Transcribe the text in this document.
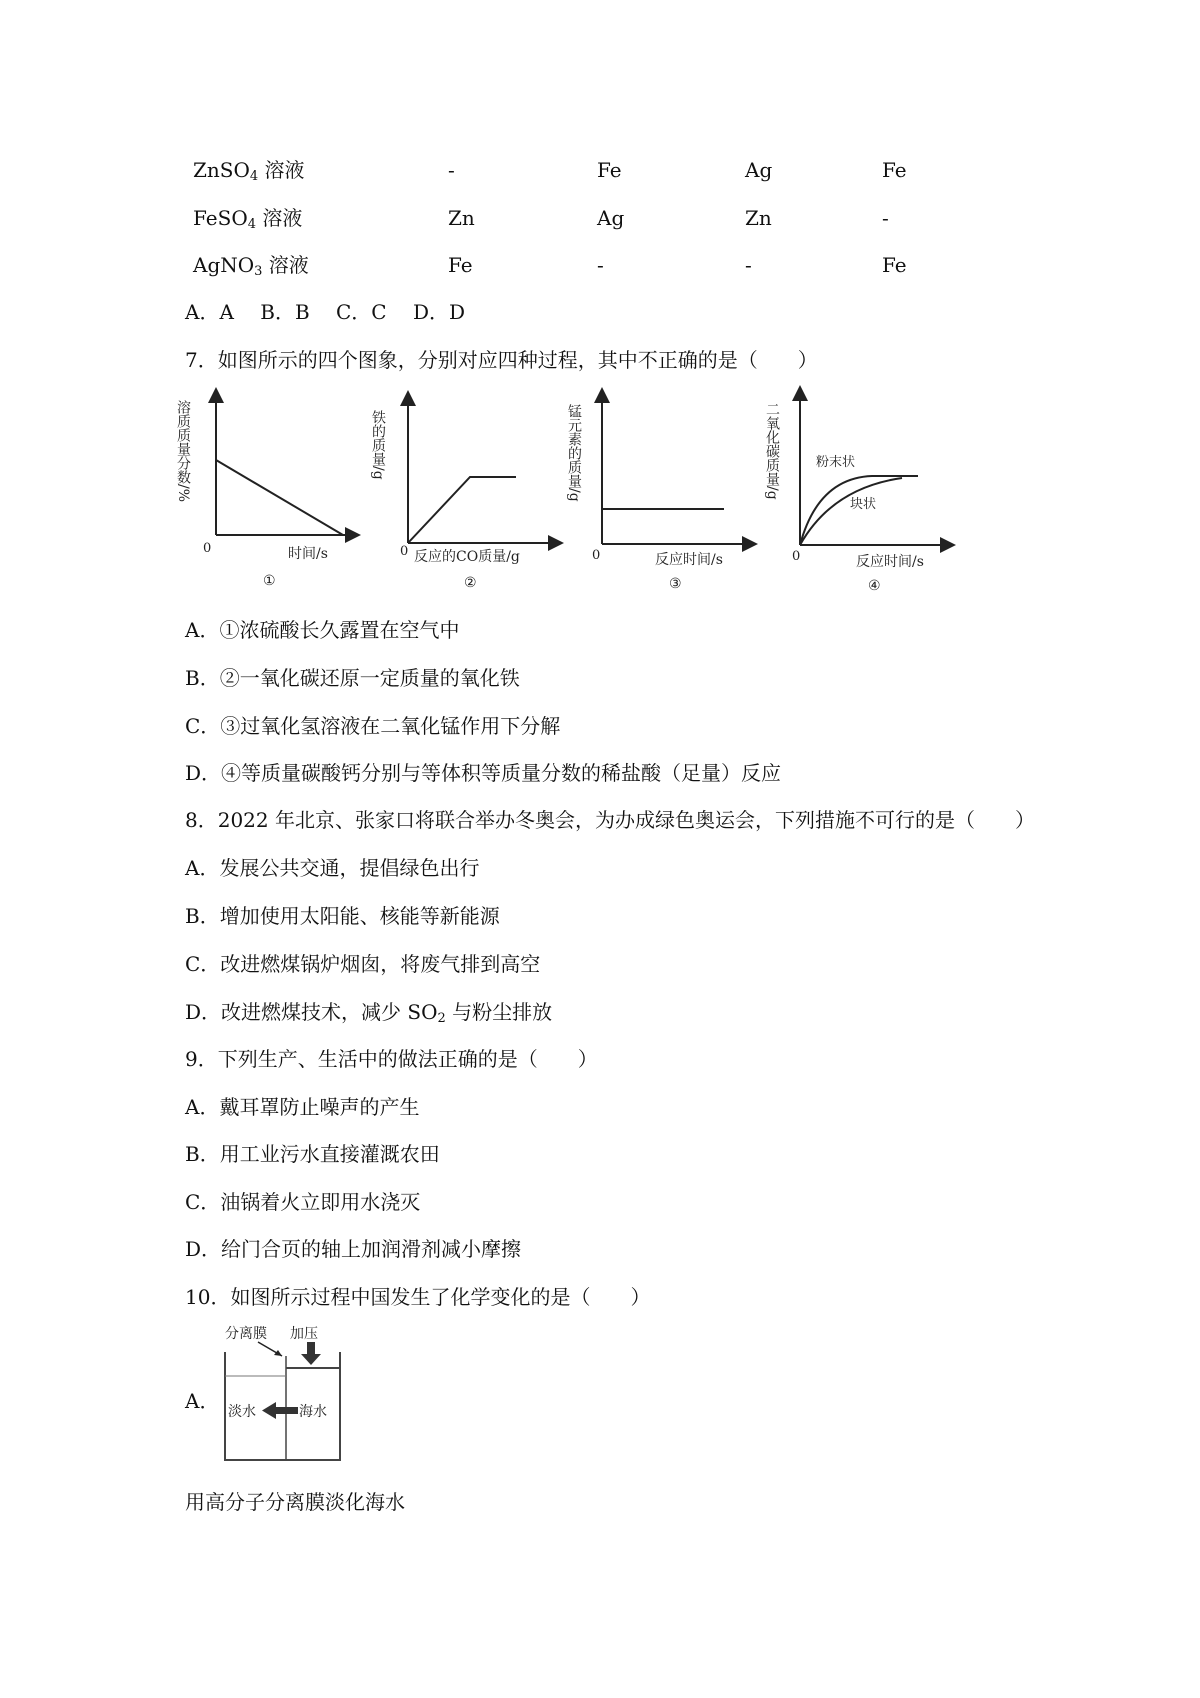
ZnSO$_4$ 溶液	-	Fe	Ag	Fe
FeSO$_4$ 溶液	Zn	Ag	Zn	-
AgNO$_3$ 溶液	Fe	-	-	Fe
A．A　 B．B　 C．C　 D．D
7．如图所示的四个图象，分别对应四种过程，其中不正确的是（　　）
溶质质量分数/%
0	时间/s
①
铁的质量/g
0 反应的CO质量/g
②
锰元素的质量/g
0	反应时间/s
③
二氧化碳质量/g	粉末状
块状
0	反应时间/s
④
A．①浓硫酸长久露置在空气中
B．②一氧化碳还原一定质量的氧化铁
C．③过氧化氢溶液在二氧化锰作用下分解
D．④等质量碳酸钙分别与等体积等质量分数的稀盐酸（足量）反应
8．2022 年北京、张家口将联合举办冬奥会，为办成绿色奥运会，下列措施不可行的是（　　）
A．发展公共交通，提倡绿色出行
B．增加使用太阳能、核能等新能源
C．改进燃煤锅炉烟囱，将废气排到高空
D．改进燃煤技术，减少 $SO_2$ 与粉尘排放
9．下列生产、生活中的做法正确的是（　　）
A．戴耳罩防止噪声的产生
B．用工业污水直接灌溉农田
C．油锅着火立即用水浇灭
D．给门合页的轴上加润滑剂减小摩擦
10．如图所示过程中国发生了化学变化的是（　　）
A．
分离膜 加压
淡水	海水
用高分子分离膜淡化海水
